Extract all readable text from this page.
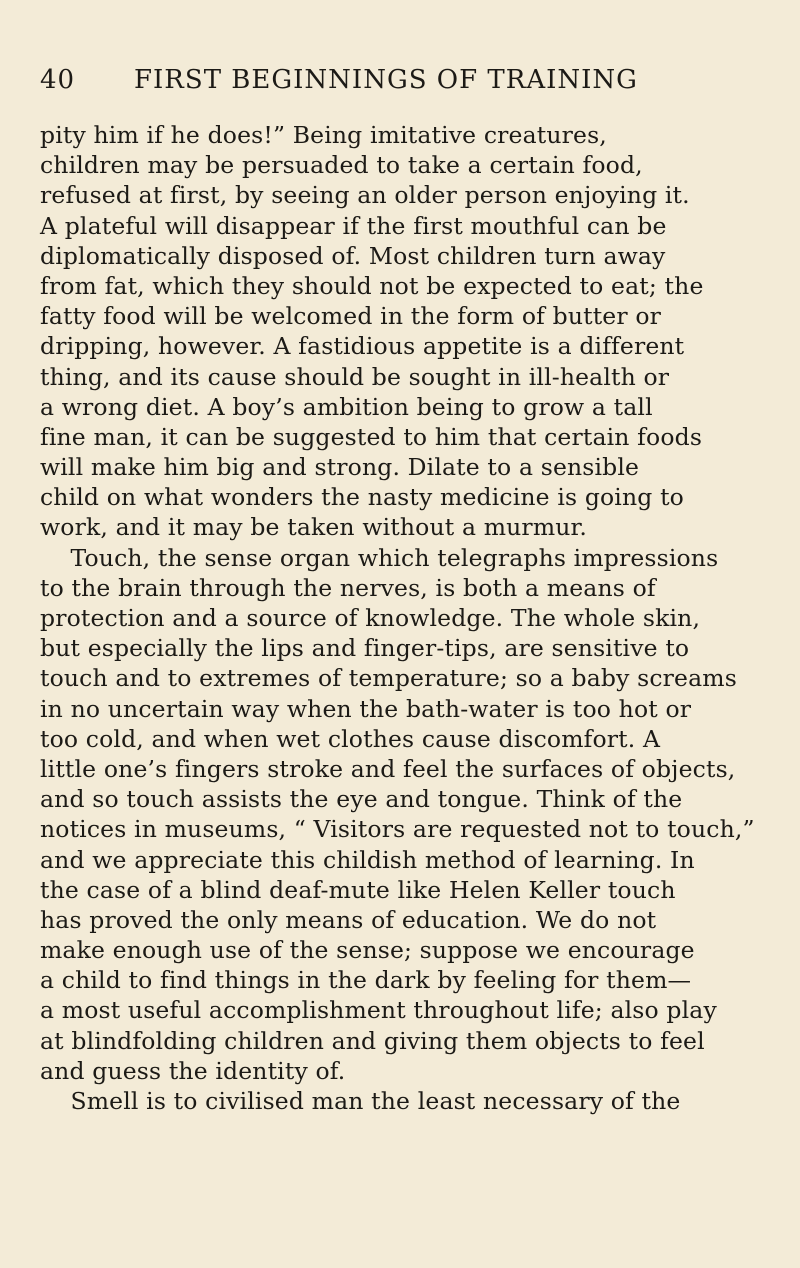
40 FIRST BEGINNINGS OF TRAINING
pity him if he does!” Being imitative creatures,
children may be persuaded to take a certain food,
refused at first, by seeing an older person enjoying it.
A plateful will disappear if the first mouthful can be
diplomatically disposed of. Most children turn away
from fat, which they should not be expected to eat; the
fatty food will be welcomed in the form of butter or
dripping, however. A fastidious appetite is a different
thing, and its cause should be sought in ill-health or
a wrong diet. A boy’s ambition being to grow a tall
fine man, it can be suggested to him that certain foods
will make him big and strong. Dilate to a sensible
child on what wonders the nasty medicine is going to
work, and it may be taken without a murmur.
Touch, the sense organ which telegraphs impressions
to the brain through the nerves, is both a means of
protection and a source of knowledge. The whole skin,
but especially the lips and finger-tips, are sensitive to
touch and to extremes of temperature; so a baby screams
in no uncertain way when the bath-water is too hot or
too cold, and when wet clothes cause discomfort. A
little one’s fingers stroke and feel the surfaces of objects,
and so touch assists the eye and tongue. Think of the
notices in museums, “ Visitors are requested not to touch,”
and we appreciate this childish method of learning. In
the case of a blind deaf-mute like Helen Keller touch
has proved the only means of education. We do not
make enough use of the sense; suppose we encourage
a child to find things in the dark by feeling for them—
a most useful accomplishment throughout life; also play
at blindfolding children and giving them objects to feel
and guess the identity of.
Smell is to civilised man the least necessary of the
